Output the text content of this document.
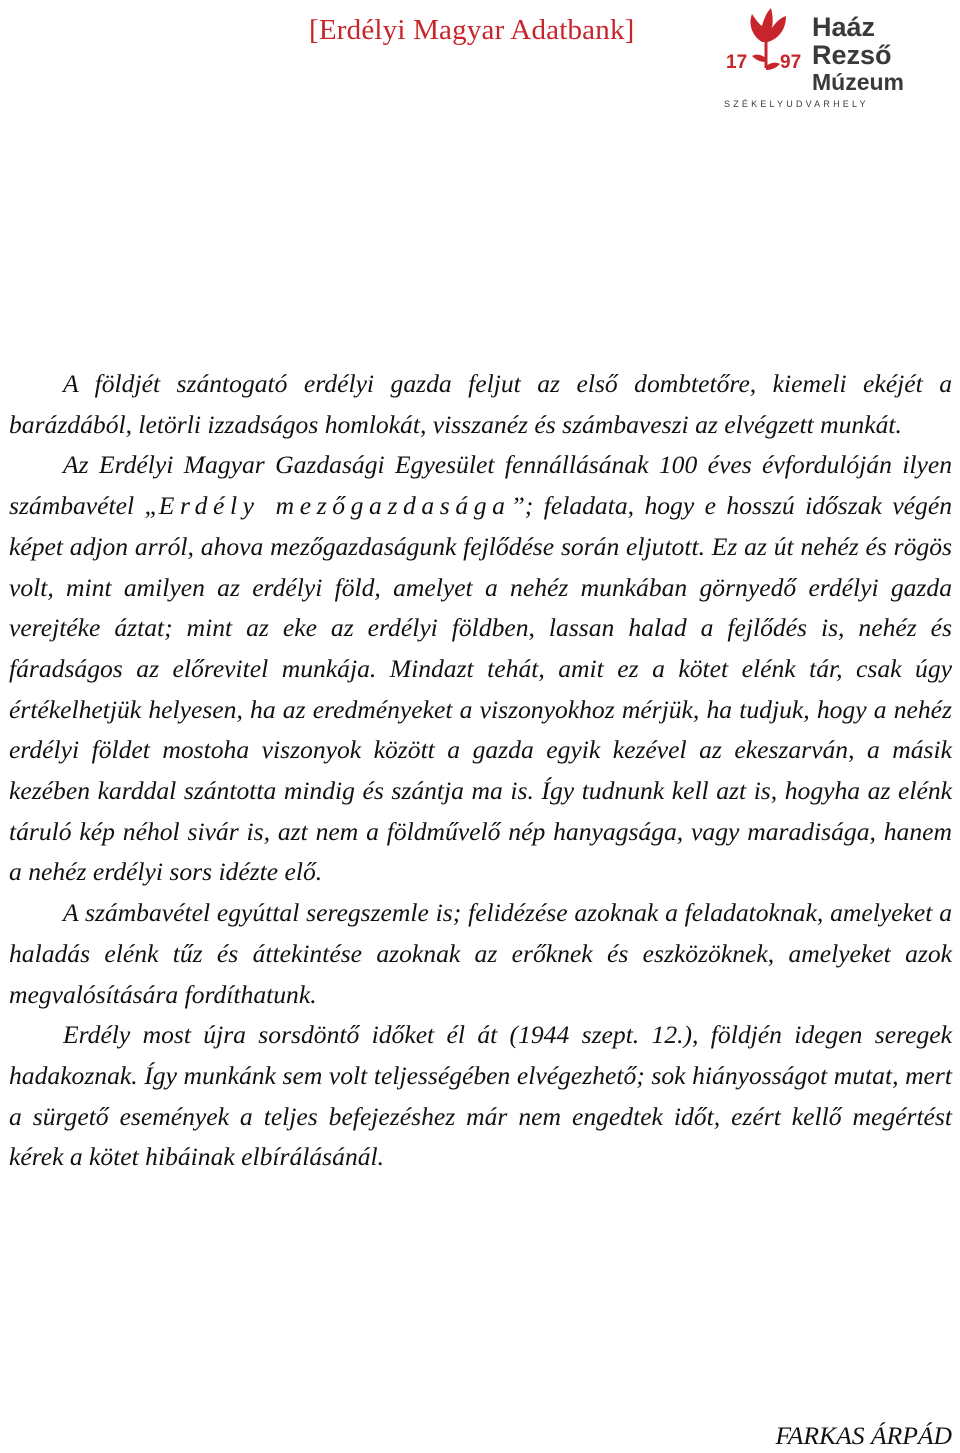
[Erdélyi Magyar Adatbank]
17 97
Haáz
Rezső
Múzeum
SZÉKELYUDVARHELY

A földjét szántogató erdélyi gazda feljut az első dombtetőre, kiemeli ekéjét a barázdából, letörli izzadságos homlokát, visszanéz és számbaveszi az elvégzett munkát.

Az Erdélyi Magyar Gazdasági Egyesület fennállásának 100 éves évfordulóján ilyen számbavétel „Erdély mezőgazdasága”; feladata, hogy e hosszú időszak végén képet adjon arról, ahova mezőgazdaságunk fejlődése során eljutott. Ez az út nehéz és rögös volt, mint amilyen az erdélyi föld, amelyet a nehéz munkában görnyedő erdélyi gazda verejtéke áztat; mint az eke az erdélyi földben, lassan halad a fejlődés is, nehéz és fáradságos az előrevitel munkája. Mindazt tehát, amit ez a kötet elénk tár, csak úgy értékelhetjük helyesen, ha az eredményeket a viszonyokhoz mérjük, ha tudjuk, hogy a nehéz erdélyi földet mostoha viszonyok között a gazda egyik kezével az ekeszarván, a másik kezében karddal szántotta mindig és szántja ma is. Így tudnunk kell azt is, hogyha az elénk táruló kép néhol sivár is, azt nem a földművelő nép hanyagsága, vagy maradisága, hanem a nehéz erdélyi sors idézte elő.

A számbavétel egyúttal seregszemle is; felidézése azoknak a feladatoknak, amelyeket a haladás elénk tűz és áttekintése azoknak az erőknek és eszközöknek, amelyeket azok megvalósítására fordíthatunk.

Erdély most újra sorsdöntő időket él át (1944 szept. 12.), földjén idegen seregek hadakoznak. Így munkánk sem volt teljességében elvégezhető; sok hiányosságot mutat, mert a sürgető események a teljes befejezéshez már nem engedtek időt, ezért kellő megértést kérek a kötet hibáinak elbírálásánál.

FARKAS ÁRPÁD
